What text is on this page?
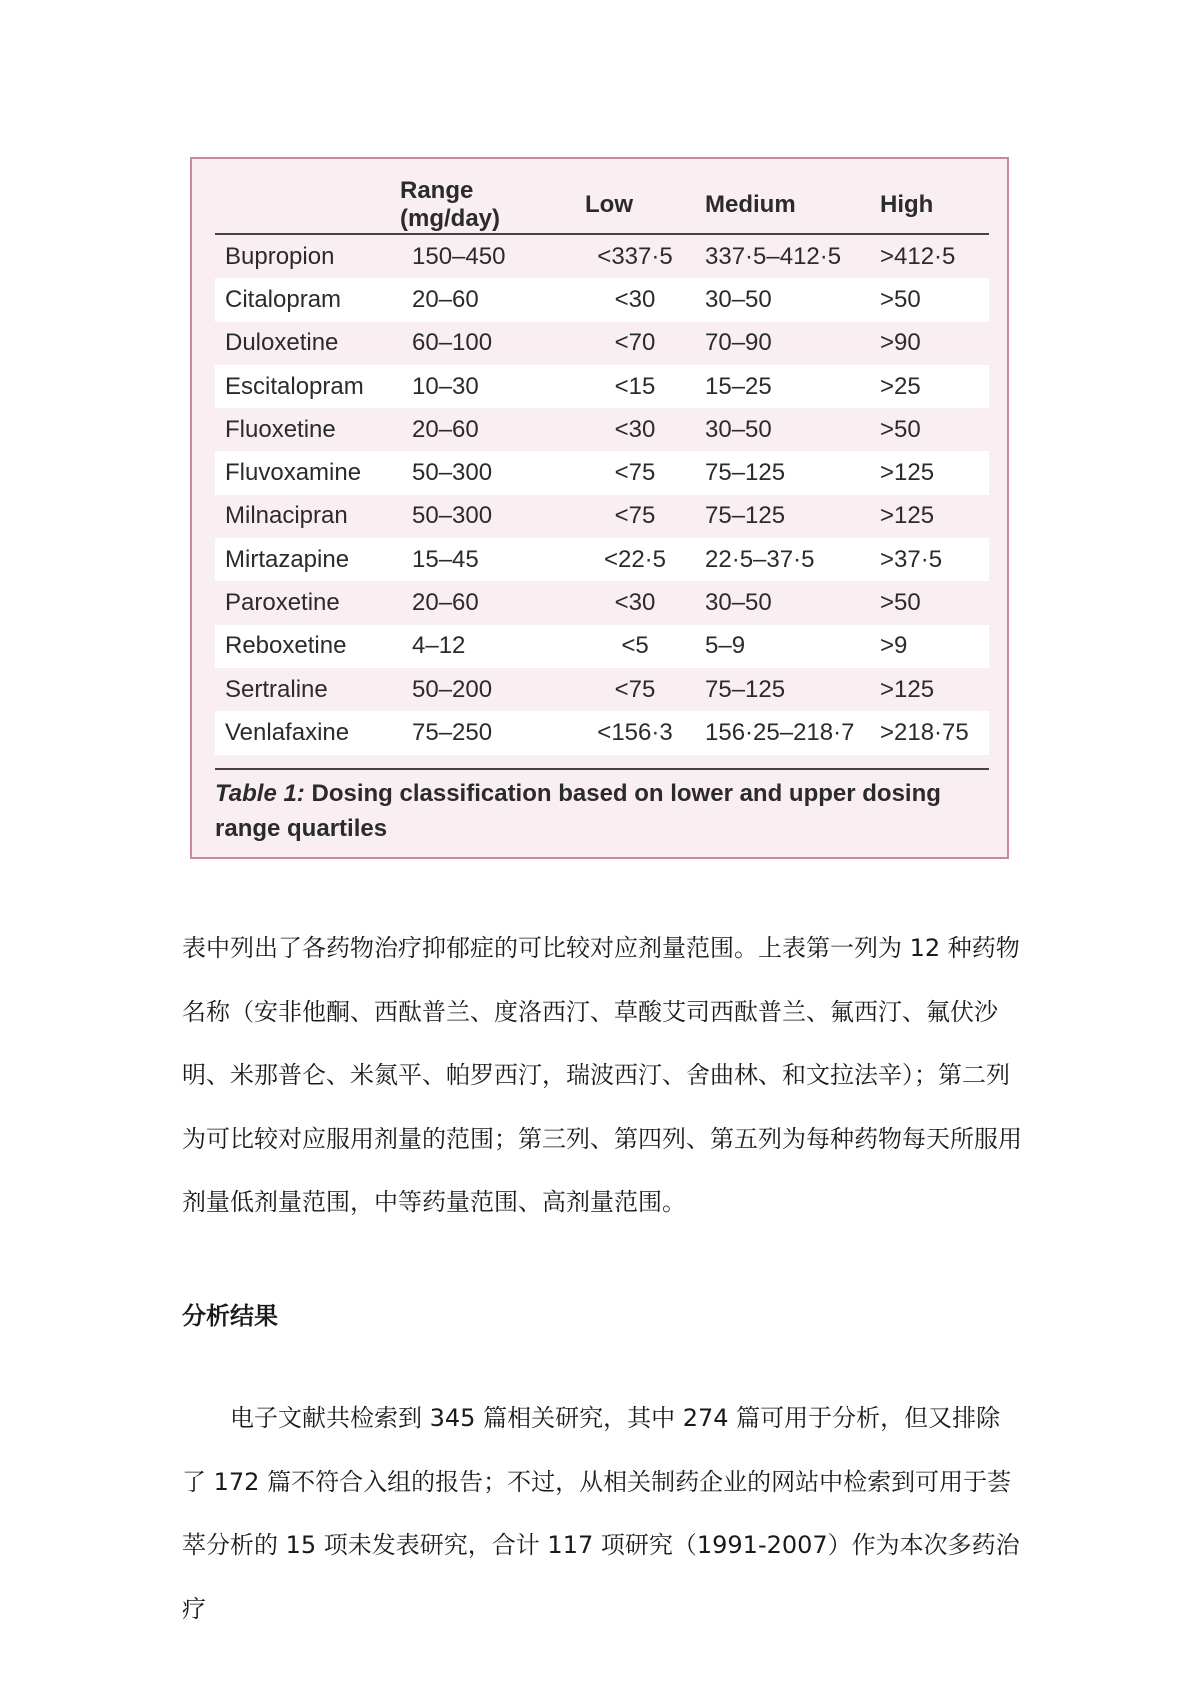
	Range (mg/day)	Low	Medium	High
Bupropion	150–450	<337·5	337·5–412·5	>412·5
Citalopram	20–60	<30	30–50	>50
Duloxetine	60–100	<70	70–90	>90
Escitalopram	10–30	<15	15–25	>25
Fluoxetine	20–60	<30	30–50	>50
Fluvoxamine	50–300	<75	75–125	>125
Milnacipran	50–300	<75	75–125	>125
Mirtazapine	15–45	<22·5	22·5–37·5	>37·5
Paroxetine	20–60	<30	30–50	>50
Reboxetine	4–12	<5	5–9	>9
Sertraline	50–200	<75	75–125	>125
Venlafaxine	75–250	<156·3	156·25–218·7	>218·75
Table 1: Dosing classification based on lower and upper dosing range quartiles

表中列出了各药物治疗抑郁症的可比较对应剂量范围。上表第一列为 12 种药物名称（安非他酮、西酞普兰、度洛西汀、草酸艾司西酞普兰、氟西汀、氟伏沙明、米那普仑、米氮平、帕罗西汀，瑞波西汀、舍曲林、和文拉法辛）；第二列为可比较对应服用剂量的范围；第三列、第四列、第五列为每种药物每天所服用剂量低剂量范围，中等药量范围、高剂量范围。

分析结果

电子文献共检索到 345 篇相关研究，其中 274 篇可用于分析，但又排除了 172 篇不符合入组的报告；不过，从相关制药企业的网站中检索到可用于荟萃分析的 15 项未发表研究，合计 117 项研究（1991-2007）作为本次多药治疗
